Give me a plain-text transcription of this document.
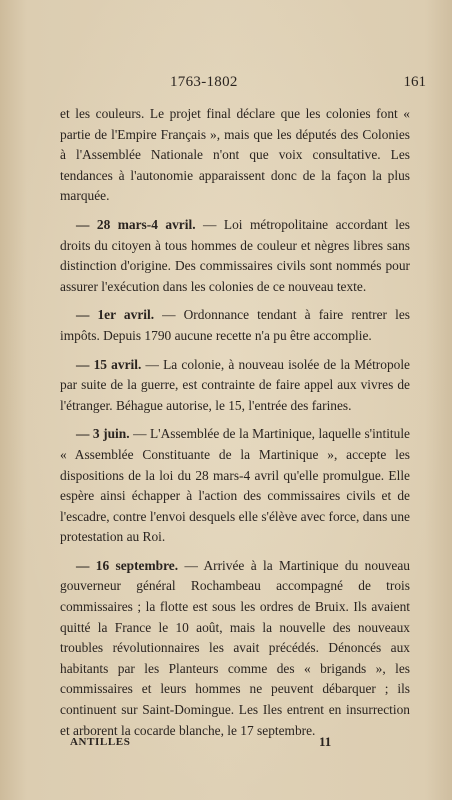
1763-1802	161

et les couleurs. Le projet final déclare que les colonies font « partie de l'Empire Français », mais que les députés des Colonies à l'Assemblée Nationale n'ont que voix consultative. Les tendances à l'autonomie apparaissent donc de la façon la plus marquée.

— 28 mars-4 avril. — Loi métropolitaine accordant les droits du citoyen à tous hommes de couleur et nègres libres sans distinction d'origine. Des commissaires civils sont nommés pour assurer l'exécution dans les colonies de ce nouveau texte.

— 1er avril. — Ordonnance tendant à faire rentrer les impôts. Depuis 1790 aucune recette n'a pu être accomplie.

— 15 avril. — La colonie, à nouveau isolée de la Métropole par suite de la guerre, est contrainte de faire appel aux vivres de l'étranger. Béhague autorise, le 15, l'entrée des farines.

— 3 juin. — L'Assemblée de la Martinique, laquelle s'intitule « Assemblée Constituante de la Martinique », accepte les dispositions de la loi du 28 mars-4 avril qu'elle promulgue. Elle espère ainsi échapper à l'action des commissaires civils et de l'escadre, contre l'envoi desquels elle s'élève avec force, dans une protestation au Roi.

— 16 septembre. — Arrivée à la Martinique du nouveau gouverneur général Rochambeau accompagné de trois commissaires ; la flotte est sous les ordres de Bruix. Ils avaient quitté la France le 10 août, mais la nouvelle des nouveaux troubles révolutionnaires les avait précédés. Dénoncés aux habitants par les Planteurs comme des « brigands », les commissaires et leurs hommes ne peuvent débarquer ; ils continuent sur Saint-Domingue. Les Iles entrent en insurrection et arborent la cocarde blanche, le 17 septembre.

ANTILLES	11
